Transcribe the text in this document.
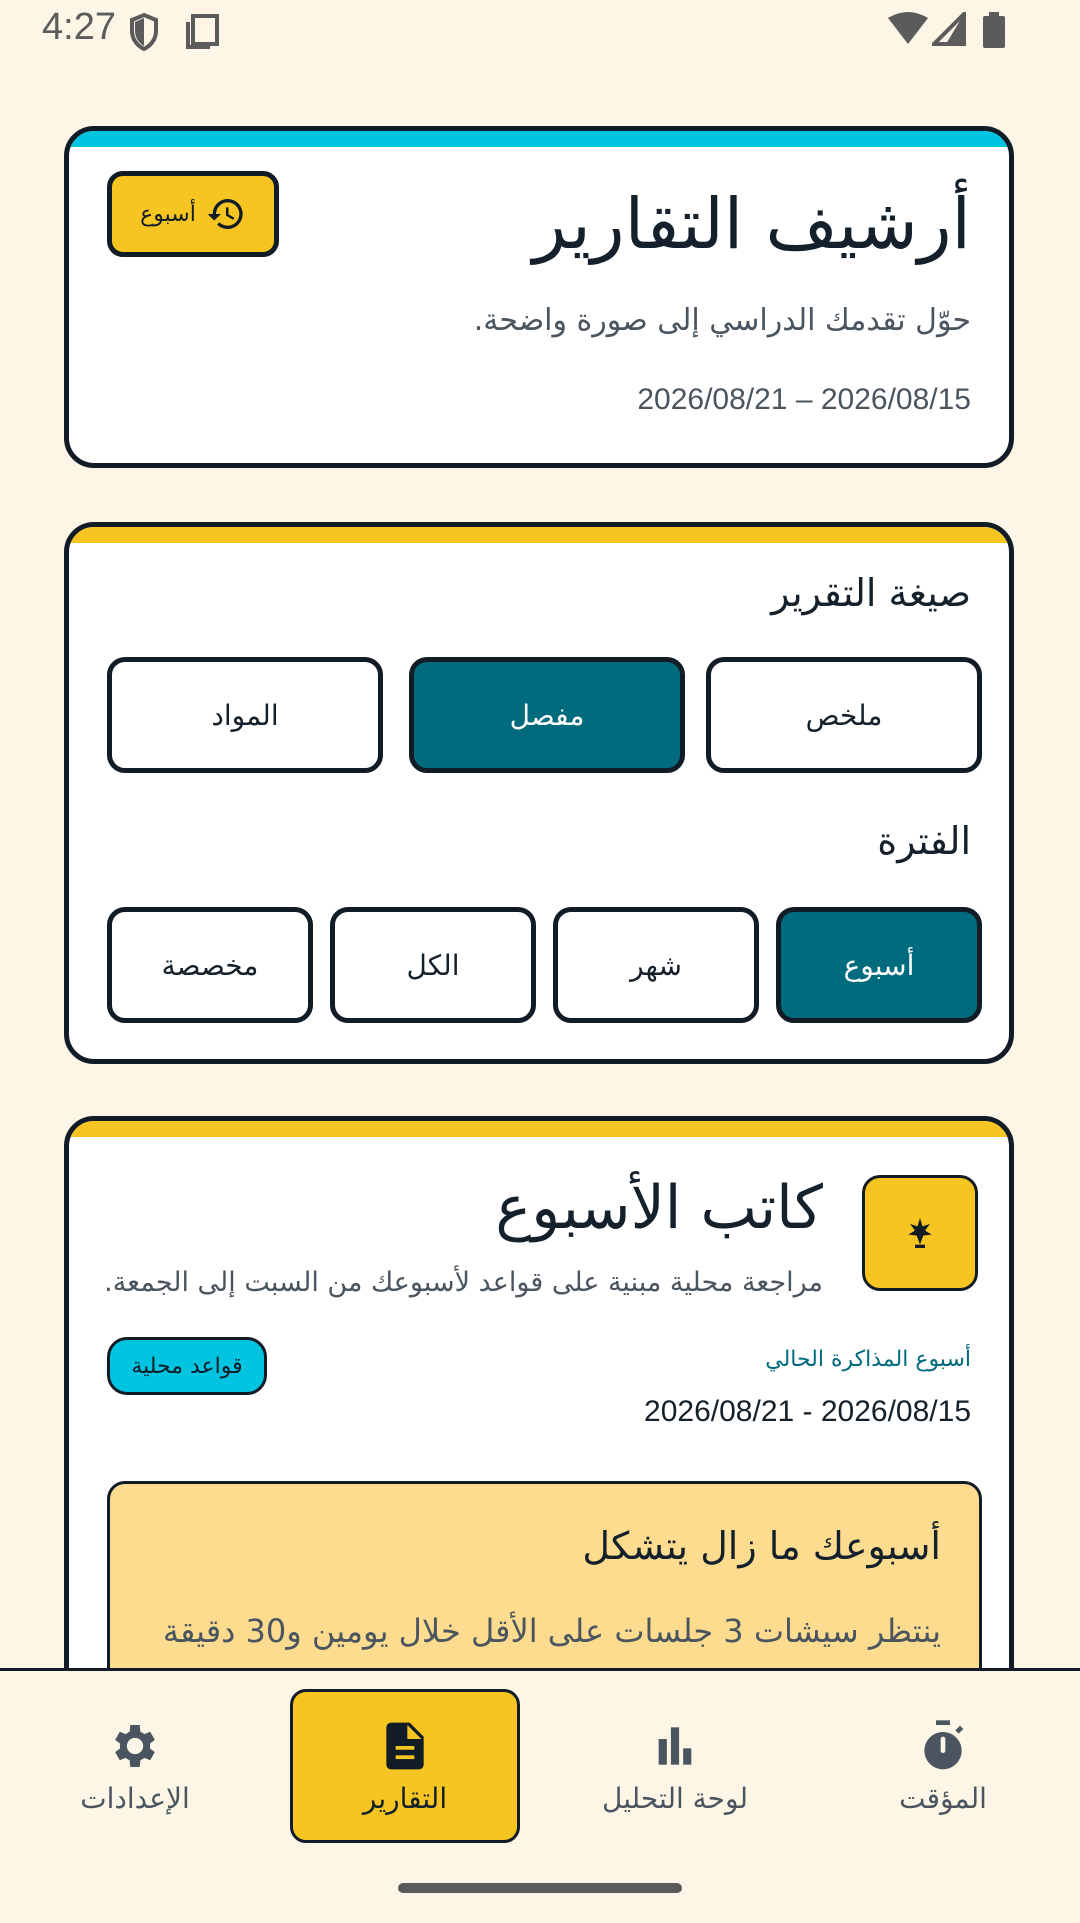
4:27
أرشيف التقارير
أسبوع
حوّل تقدمك الدراسي إلى صورة واضحة.
2026/08/21 – 2026/08/15
صيغة التقرير
ملخص
مفصل
المواد
الفترة
أسبوع
شهر
الكل
مخصصة
كاتب الأسبوع
مراجعة محلية مبنية على قواعد لأسبوعك من السبت إلى الجمعة.
قواعد محلية	أسبوع المذاكرة الحالي
2026/08/21 - 2026/08/15
أسبوعك ما زال يتشكل
ينتظر سيشات 3 جلسات على الأقل خلال يومين و30 دقيقة
المؤقت
لوحة التحليل
التقارير
الإعدادات
